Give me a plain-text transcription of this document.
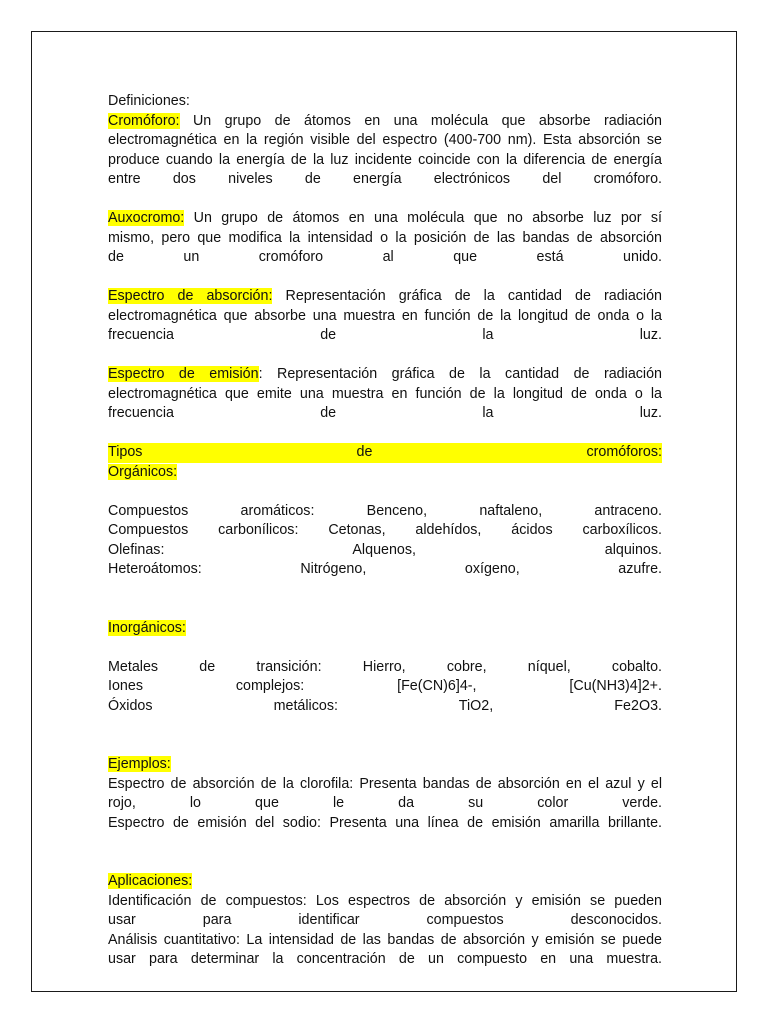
Definiciones:
Cromóforo: Un grupo de átomos en una molécula que absorbe radiación
electromagnética en la región visible del espectro (400-700 nm). Esta absorción se
produce cuando la energía de la luz incidente coincide con la diferencia de energía
entre dos niveles de energía electrónicos del cromóforo.
Auxocromo: Un grupo de átomos en una molécula que no absorbe luz por sí
mismo, pero que modifica la intensidad o la posición de las bandas de absorción
de un cromóforo al que está unido.
Espectro de absorción: Representación gráfica de la cantidad de radiación
electromagnética que absorbe una muestra en función de la longitud de onda o la
frecuencia de la luz.
Espectro de emisión: Representación gráfica de la cantidad de radiación
electromagnética que emite una muestra en función de la longitud de onda o la
frecuencia de la luz.
Tipos de cromóforos:
Orgánicos:
Compuestos aromáticos: Benceno, naftaleno, antraceno.
Compuestos carbonílicos: Cetonas, aldehídos, ácidos carboxílicos.
Olefinas: Alquenos, alquinos.
Heteroátomos: Nitrógeno, oxígeno, azufre.
Inorgánicos:
Metales de transición: Hierro, cobre, níquel, cobalto.
Iones complejos: [Fe(CN)6]4-, [Cu(NH3)4]2+.
Óxidos metálicos: TiO2, Fe2O3.
Ejemplos:
Espectro de absorción de la clorofila: Presenta bandas de absorción en el azul y el
rojo, lo que le da su color verde.
Espectro de emisión del sodio: Presenta una línea de emisión amarilla brillante.
Aplicaciones:
Identificación de compuestos: Los espectros de absorción y emisión se pueden
usar para identificar compuestos desconocidos.
Análisis cuantitativo: La intensidad de las bandas de absorción y emisión se puede
usar para determinar la concentración de un compuesto en una muestra.
